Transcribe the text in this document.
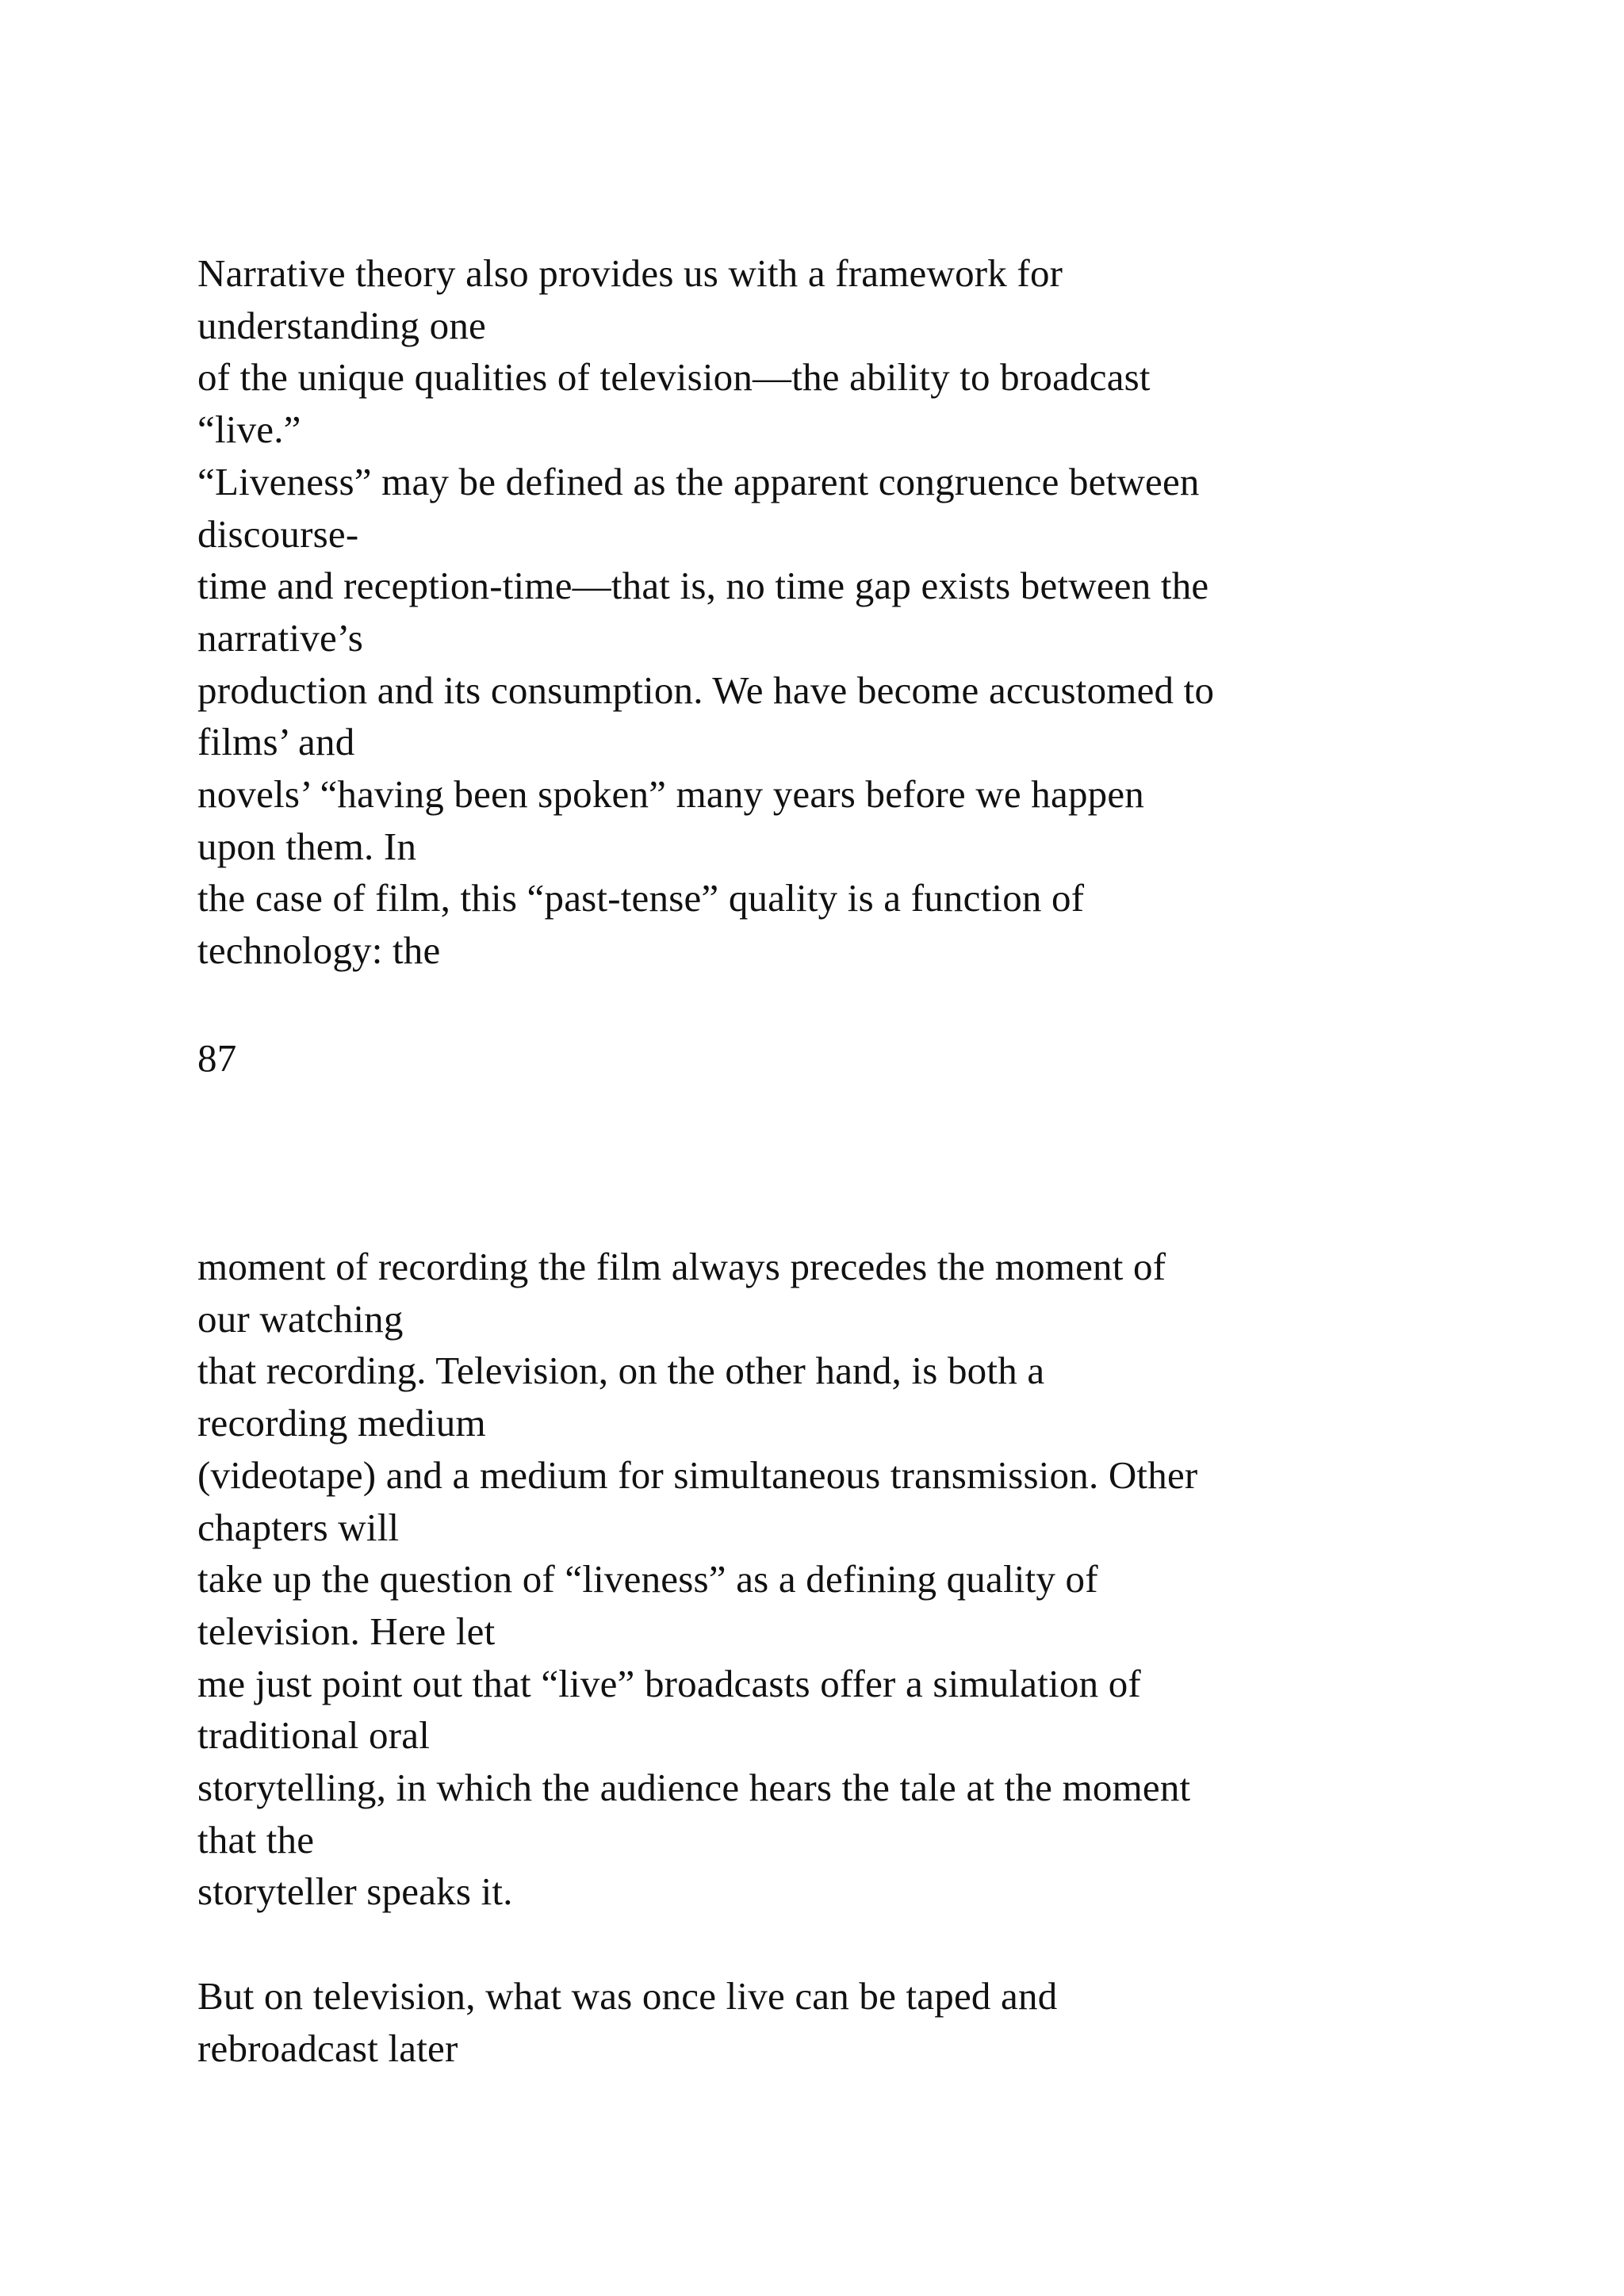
Narrative theory also provides us with a framework for
understanding one
of the unique qualities of television—the ability to broadcast
“live.”
“Liveness” may be defined as the apparent congruence between
discourse-
time and reception-time—that is, no time gap exists between the
narrative’s
production and its consumption. We have become accustomed to
films’ and
novels’ “having been spoken” many years before we happen
upon them. In
the case of film, this “past-tense” quality is a function of
technology: the
87
moment of recording the film always precedes the moment of
our watching
that recording. Television, on the other hand, is both a
recording medium
(videotape) and a medium for simultaneous transmission. Other
chapters will
take up the question of “liveness” as a defining quality of
television. Here let
me just point out that “live” broadcasts offer a simulation of
traditional oral
storytelling, in which the audience hears the tale at the moment
that the
storyteller speaks it.
But on television, what was once live can be taped and
rebroadcast later
